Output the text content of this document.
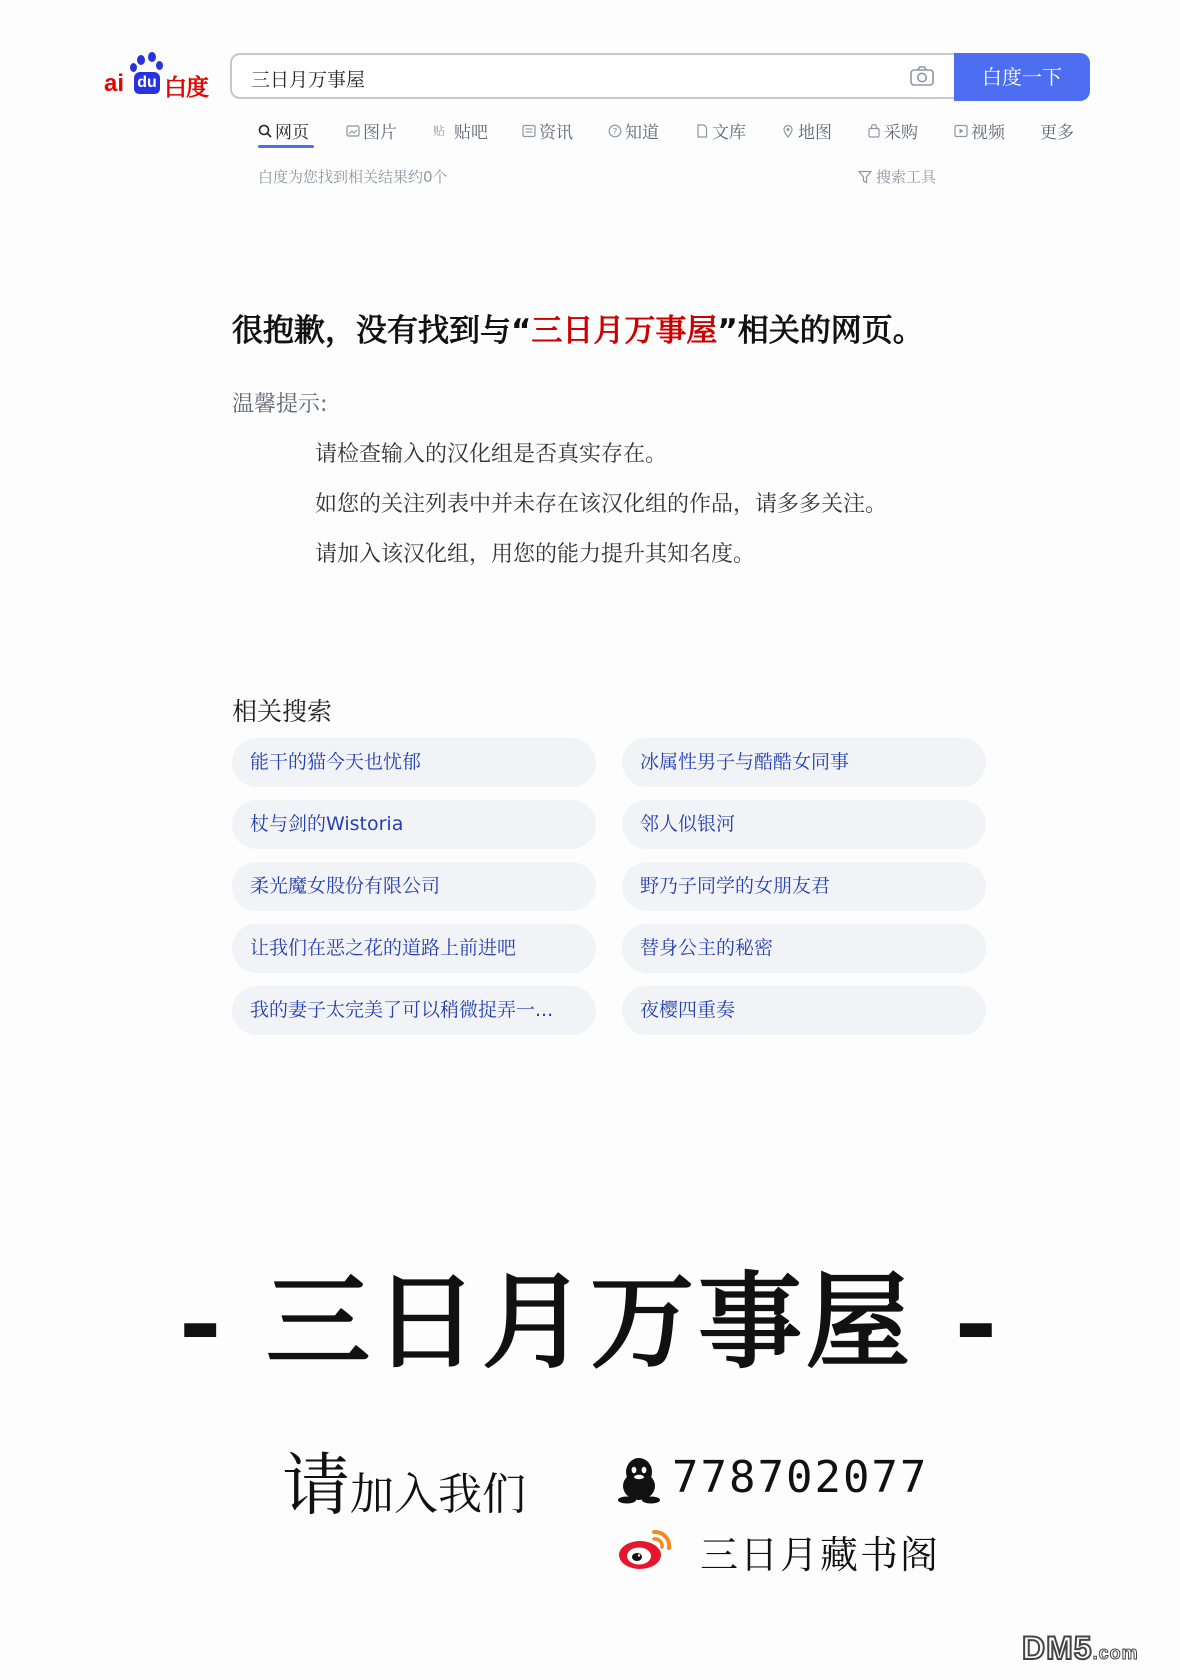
ai du 白度
三日月万事屋	白度一下
网页	图片	贴 贴吧	资讯	? 知道	文库	地图	采购	视频 更多
白度为您找到相关结果约0个	搜索工具
很抱歉，没有找到与“三日月万事屋”相关的网页。
温馨提示:
请检查输入的汉化组是否真实存在。
如您的关注列表中并未存在该汉化组的作品，请多多关注。
请加入该汉化组，用您的能力提升其知名度。
相关搜索
能干的猫今天也忧郁	冰属性男子与酷酷女同事
杖与剑的Wistoria	邻人似银河
柔光魔女股份有限公司	野乃子同学的女朋友君
让我们在恶之花的道路上前进吧	替身公主的秘密
我的妻子太完美了可以稍微捉弄一...	夜樱四重奏
- 三日月万事屋 -
请加入我们	778702077
三日月藏书阁
DM5.com
